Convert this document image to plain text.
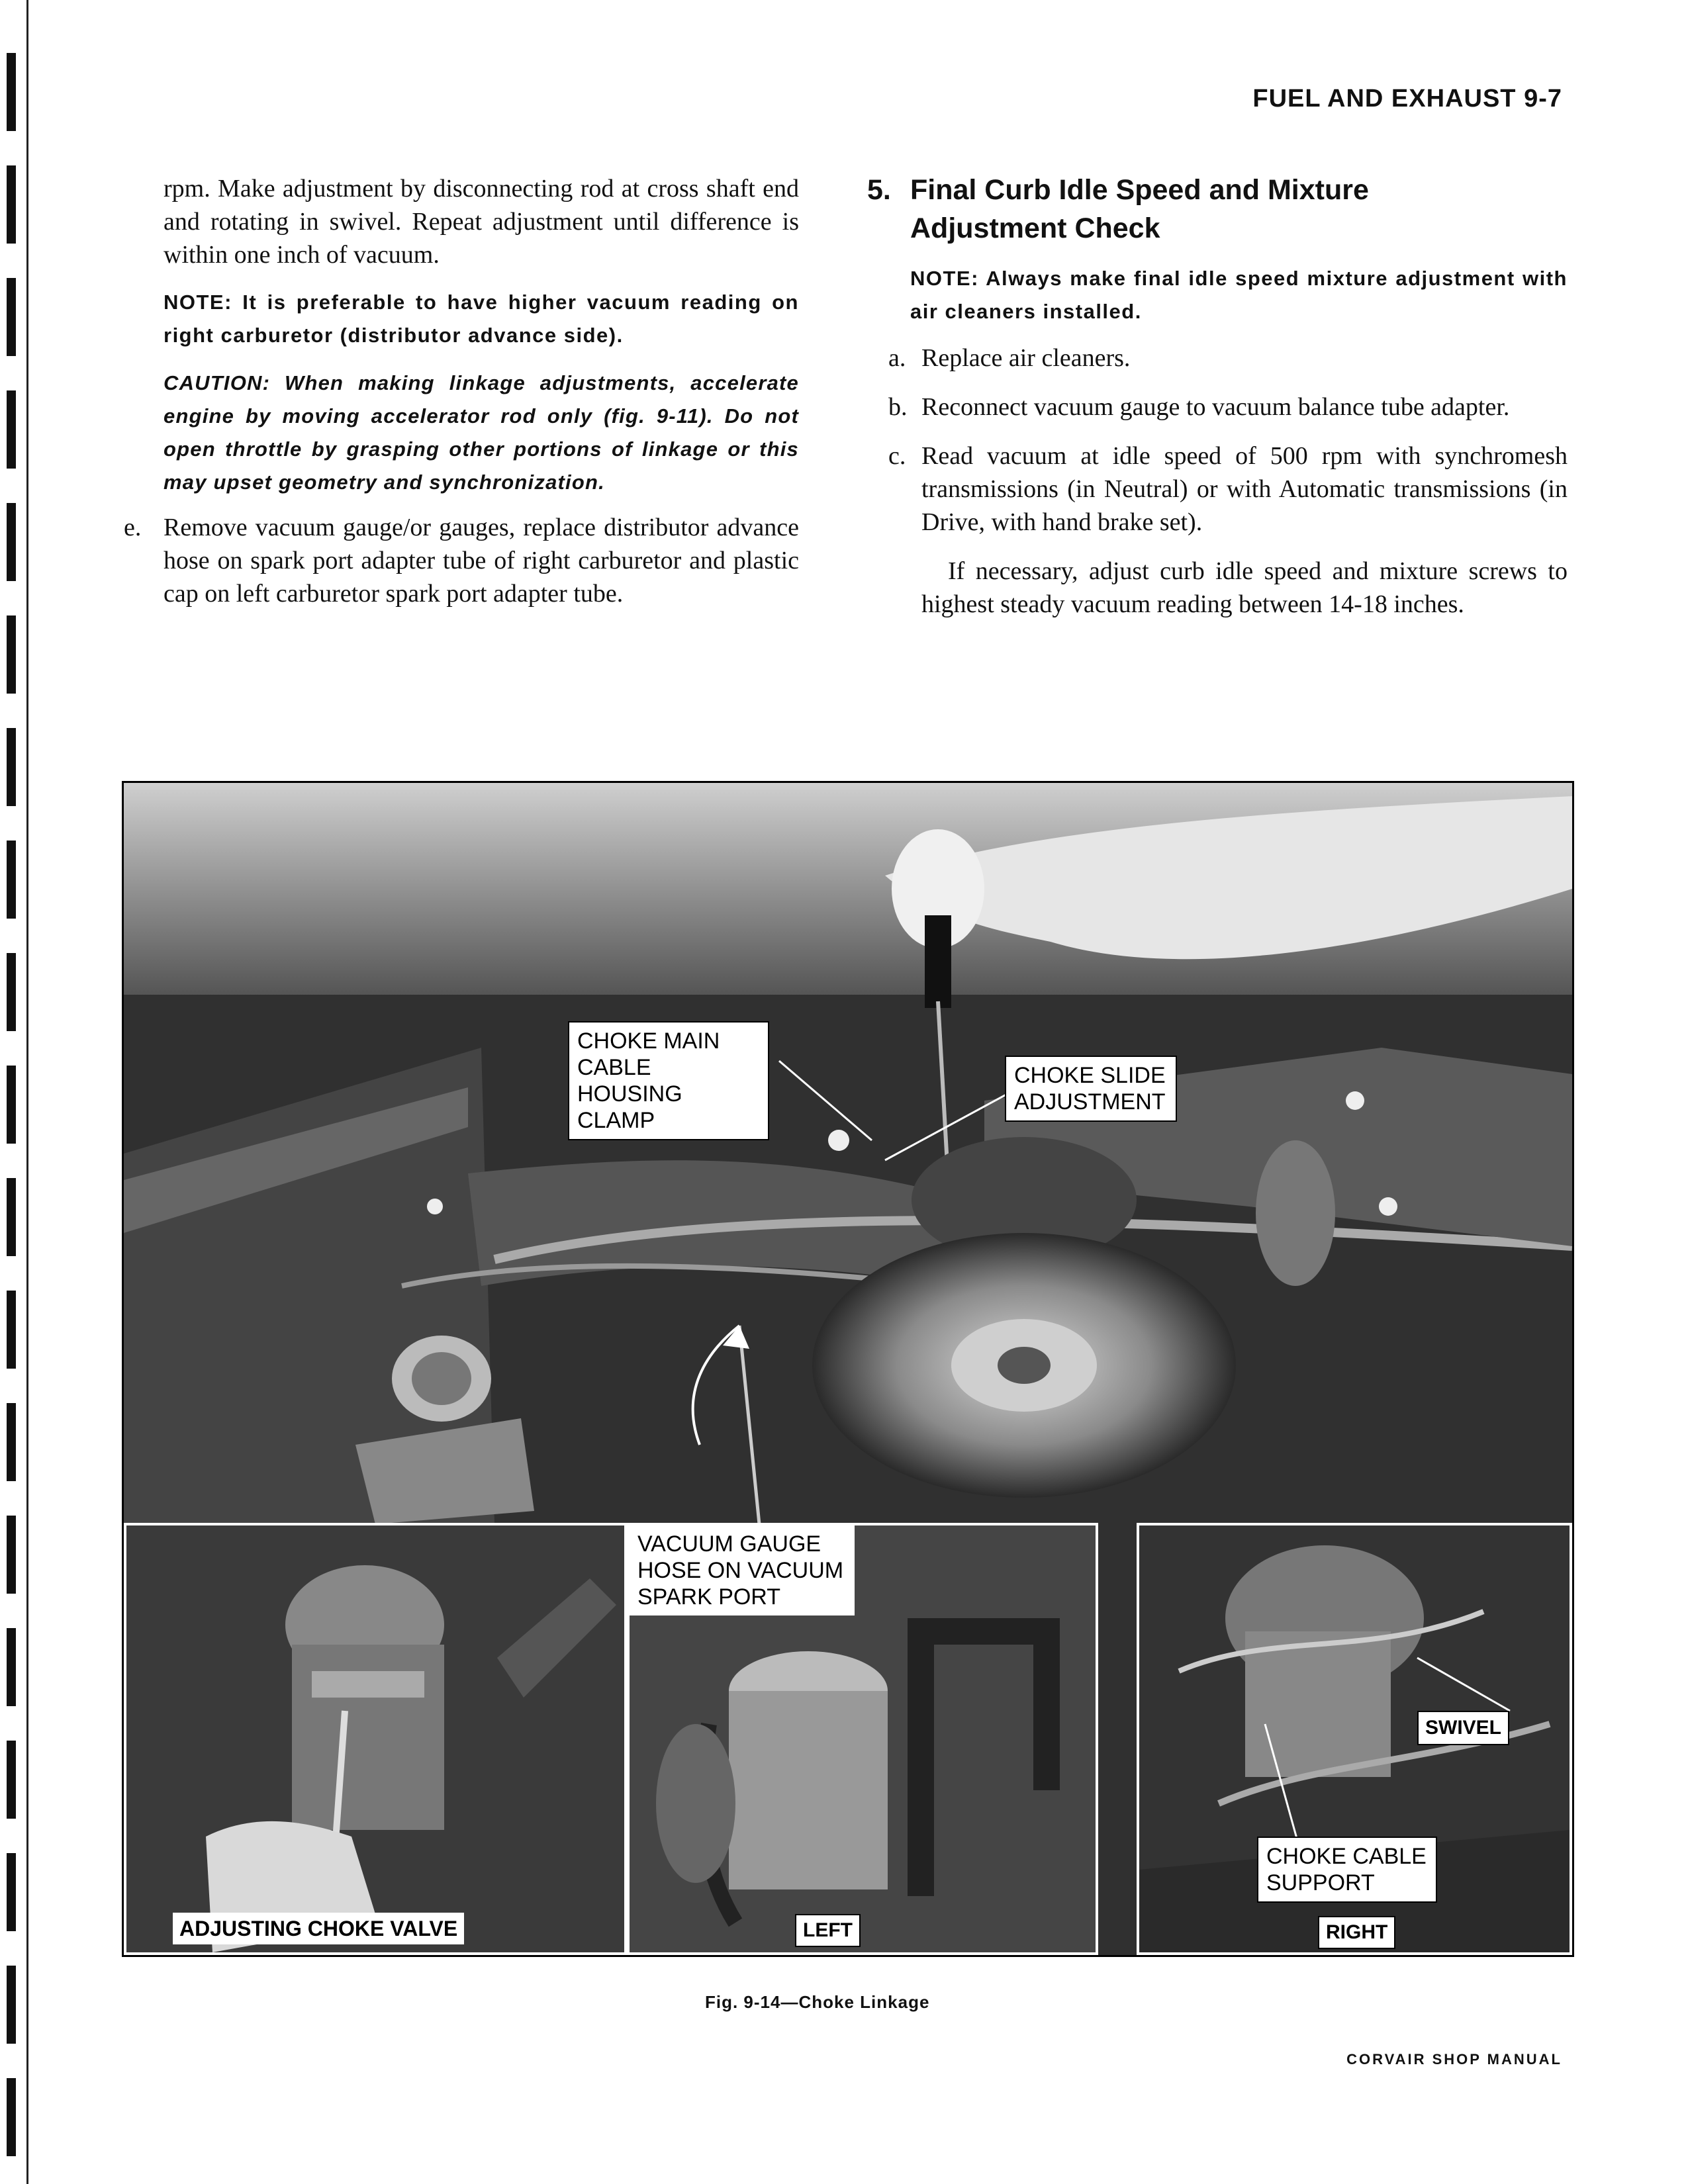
FUEL AND EXHAUST 9-7

rpm. Make adjustment by disconnecting rod at cross shaft end and rotating in swivel. Repeat adjustment until difference is within one inch of vacuum.

NOTE: It is preferable to have higher vacuum reading on right carburetor (distributor advance side).

CAUTION: When making linkage adjustments, accelerate engine by moving accelerator rod only (fig. 9-11). Do not open throttle by grasping other portions of linkage or this may upset geometry and synchronization.

e. Remove vacuum gauge/or gauges, replace distributor advance hose on spark port adapter tube of right carburetor and plastic cap on left carburetor spark port adapter tube.
5. Final Curb Idle Speed and Mixture Adjustment Check

NOTE: Always make final idle speed mixture adjustment with air cleaners installed.

a. Replace air cleaners.
b. Reconnect vacuum gauge to vacuum balance tube adapter.
c. Read vacuum at idle speed of 500 rpm with synchromesh transmissions (in Neutral) or with Automatic transmissions (in Drive, with hand brake set).

If necessary, adjust curb idle speed and mixture screws to highest steady vacuum reading between 14-18 inches.

CHOKE MAIN
CABLE HOUSING
CLAMP
CHOKE SLIDE
ADJUSTMENT
ADJUSTING CHOKE VALVE
VACUUM GAUGE
HOSE ON VACUUM
SPARK PORT
LEFT
SWIVEL
CHOKE CABLE
SUPPORT
RIGHT
Fig. 9-14—Choke Linkage
CORVAIR SHOP MANUAL
